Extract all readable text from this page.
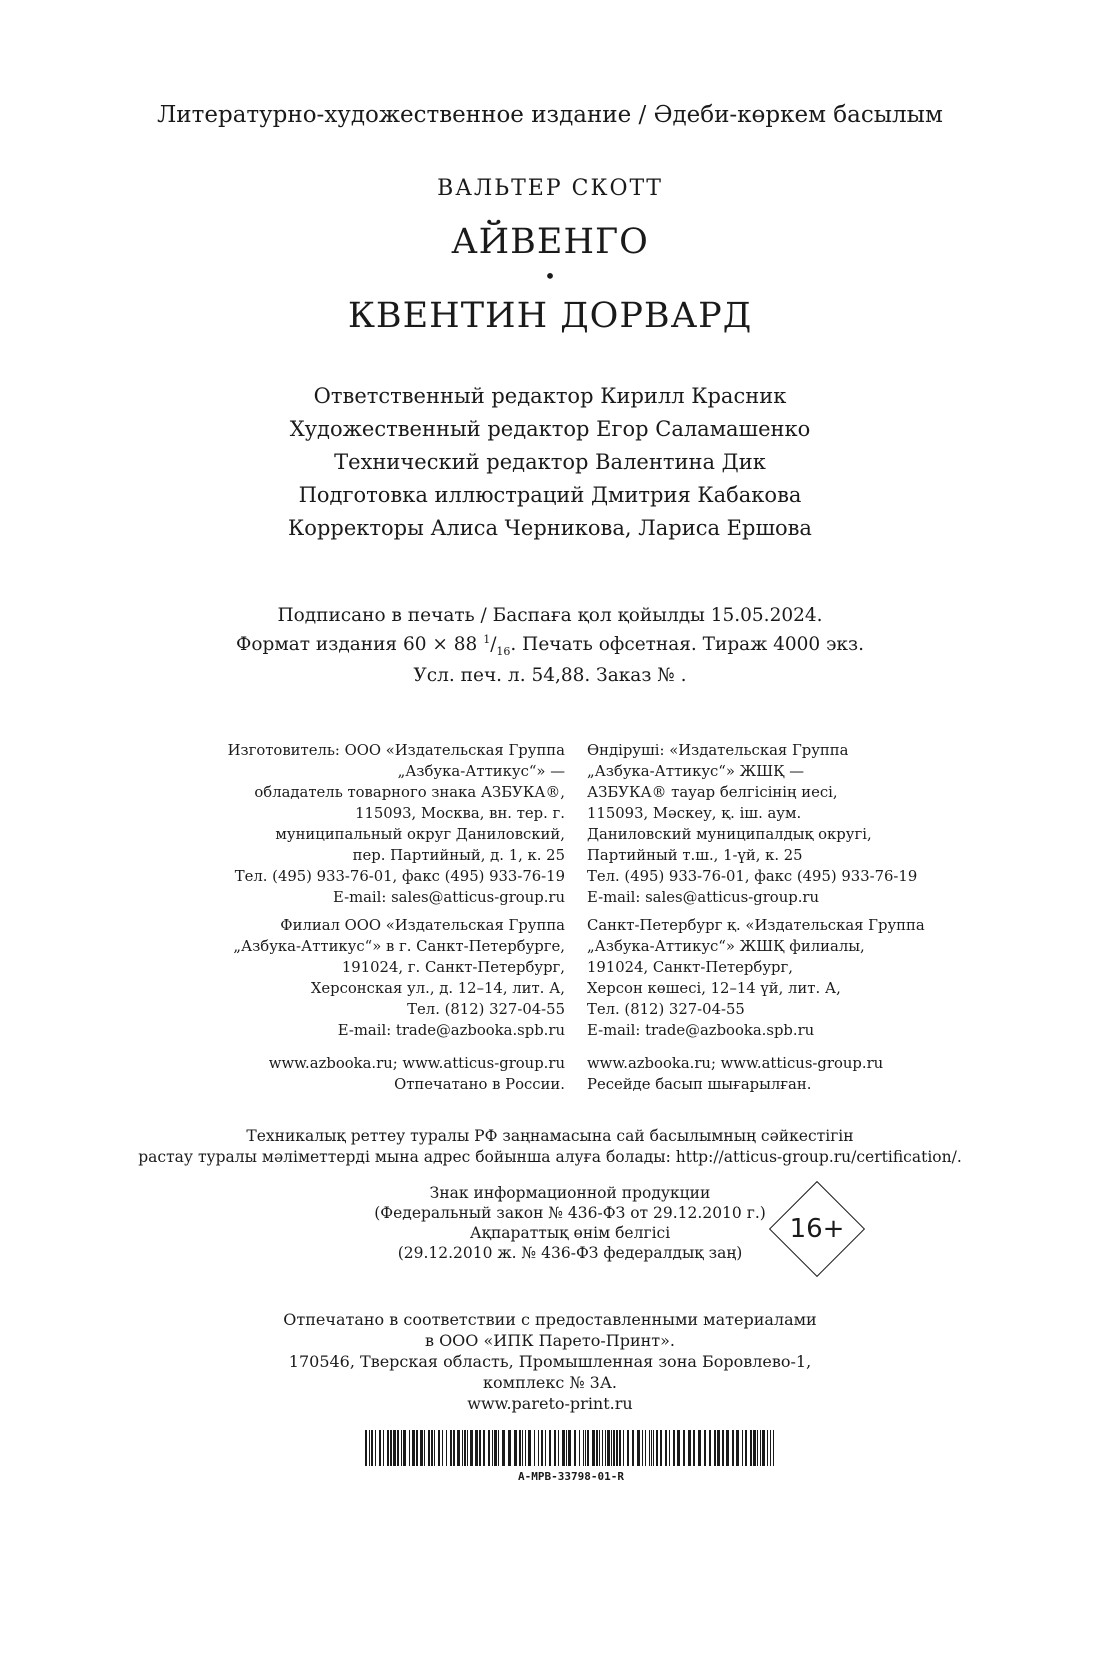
Литературно-художественное издание / Әдеби-көркем басылым
ВАЛЬТЕР СКОТТ
АЙВЕНГО
•
КВЕНТИН ДОРВАРД
Ответственный редактор Кирилл Красник
Художественный редактор Егор Саламашенко
Технический редактор Валентина Дик
Подготовка иллюстраций Дмитрия Кабакова
Корректоры Алиса Черникова, Лариса Ершова
Подписано в печать / Баспаға қол қойылды 15.05.2024.
Формат издания 60 × 88 $^1/_{16}$. Печать офсетная. Тираж 4000 экз.
Усл. печ. л. 54,88. Заказ № .
Изготовитель: ООО «Издательская Группа
„Азбука-Аттикус“» —
обладатель товарного знака АЗБУКА®,
115093, Москва, вн. тер. г.
муниципальный округ Даниловский,
пер. Партийный, д. 1, к. 25
Тел. (495) 933-76-01, факс (495) 933-76-19
E-mail: sales@atticus-group.ru
Филиал ООО «Издательская Группа
„Азбука-Аттикус“» в г. Санкт-Петербурге,
191024, г. Санкт-Петербург,
Херсонская ул., д. 12–14, лит. А,
Тел. (812) 327-04-55
E-mail: trade@azbooka.spb.ru
www.azbooka.ru; www.atticus-group.ru
Отпечатано в России.
Өндіруші: «Издательская Группа
„Азбука-Аттикус“» ЖШҚ —
АЗБУКА® тауар белгісінің иесі,
115093, Мәскеу, қ. іш. аум.
Даниловский муниципалдық округі,
Партийный т.ш., 1-үй, к. 25
Тел. (495) 933-76-01, факс (495) 933-76-19
E-mail: sales@atticus-group.ru
Санкт-Петербург қ. «Издательская Группа
„Азбука-Аттикус“» ЖШҚ филиалы,
191024, Санкт-Петербург,
Херсон көшесі, 12–14 үй, лит. А,
Тел. (812) 327-04-55
E-mail: trade@azbooka.spb.ru
www.azbooka.ru; www.atticus-group.ru
Ресейде басып шығарылған.
Техникалық реттеу туралы РФ заңнамасына сай басылымның сәйкестігін
растау туралы мәліметтерді мына адрес бойынша алуға болады: http://atticus-group.ru/certification/.
Знак информационной продукции
(Федеральный закон № 436-ФЗ от 29.12.2010 г.)
Ақпараттық өнім белгісі
(29.12.2010 ж. № 436-ФЗ федералдық заң)
16+
Отпечатано в соответствии с предоставленными материалами
в ООО «ИПК Парето-Принт».
170546, Тверская область, Промышленная зона Боровлево-1,
комплекс № 3А.
www.pareto-print.ru
A-MPB-33798-01-R
